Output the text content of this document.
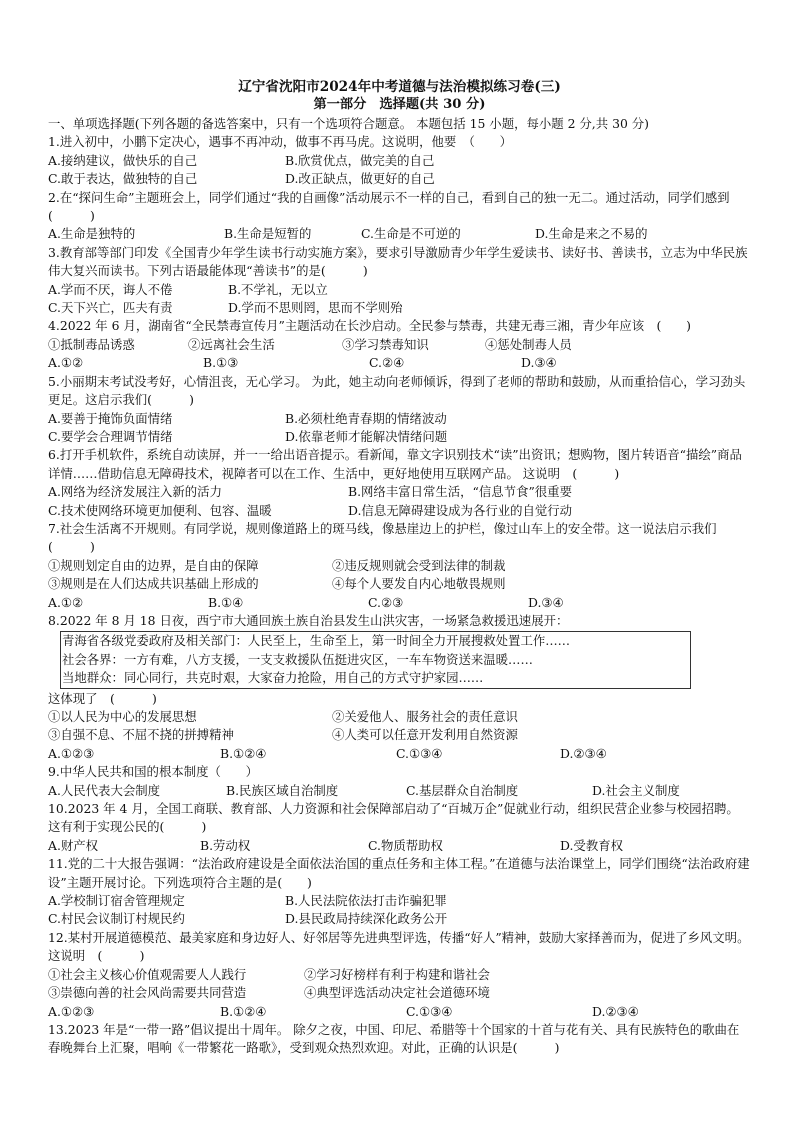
辽宁省沈阳市2024年中考道德与法治模拟练习卷(三)
第一部分　选择题(共 30 分)
一、单项选择题(下列各题的备选答案中，只有一个选项符合题意。 本题包括 15 小题，每小题 2 分,共 30 分)
1.进入初中，小鹏下定决心，遇事不再冲动，做事不再马虎。这说明，他要　（　　）
A.接纳建议，做快乐的自己	B.欣赏优点，做完美的自己
C.敢于表达，做独特的自己	D.改正缺点，做更好的自己
2.在“探问生命”主题班会上，同学们通过“我的自画像”活动展示不一样的自己，看到自己的独一无二。通过活动，同学们感到　(　　　)
A.生命是独特的	B.生命是短暂的	C.生命是不可逆的	D.生命是来之不易的
3.教育部等部门印发《全国青少年学生读书行动实施方案》，要求引导激励青少年学生爱读书、读好书、善读书，立志为中华民族伟大复兴而读书。下列古语最能体现“善读书”的是(　　　)
A.学而不厌，诲人不倦	B.不学礼，无以立
C.天下兴亡，匹夫有责	D.学而不思则罔，思而不学则殆
4.2022 年 6 月，湖南省“全民禁毒宣传月”主题活动在长沙启动。全民参与禁毒，共建无毒三湘，青少年应该　(　　)
①抵制毒品诱惑	②远离社会生活	③学习禁毒知识	④惩处制毒人员
A.①②	B.①③	C.②④	D.③④
5.小丽期末考试没考好，心情沮丧，无心学习。 为此，她主动向老师倾诉，得到了老师的帮助和鼓励，从而重拾信心，学习劲头更足。这启示我们(　　　)
A.要善于掩饰负面情绪	B.必须杜绝青春期的情绪波动
C.要学会合理调节情绪	D.依靠老师才能解决情绪问题
6.打开手机软件，系统自动读屏，并一一给出语音提示。看新闻，靠文字识别技术“读”出资讯；想购物，图片转语音“描绘”商品详情……借助信息无障碍技术，视障者可以在工作、生活中，更好地使用互联网产品。 这说明　(　　　)
A.网络为经济发展注入新的活力	B.网络丰富日常生活，“信息节食”很重要
C.技术使网络环境更加便利、包容、温暖	D.信息无障碍建设成为各行业的自觉行动
7.社会生活离不开规则。有同学说，规则像道路上的斑马线，像悬崖边上的护栏，像过山车上的安全带。这一说法启示我们(　　　)
①规则划定自由的边界，是自由的保障	②违反规则就会受到法律的制裁
③规则是在人们达成共识基础上形成的	④每个人要发自内心地敬畏规则
A.①②	B.①④	C.②③	D.③④
8.2022 年 8 月 18 日夜，西宁市大通回族土族自治县发生山洪灾害，一场紧急救援迅速展开：
青海省各级党委政府及相关部门：人民至上，生命至上，第一时间全力开展搜救处置工作……
社会各界：一方有难，八方支援，一支支救援队伍挺进灾区，一车车物资送来温暖……
当地群众：同心同行，共克时艰，大家奋力抢险，用自己的方式守护家园……
这体现了　(　　　)
①以人民为中心的发展思想	②关爱他人、服务社会的责任意识
③自强不息、不屈不挠的拼搏精神	④人类可以任意开发利用自然资源
A.①②③	B.①②④	C.①③④	D.②③④
9.中华人民共和国的根本制度（　　）
A.人民代表大会制度	B.民族区域自治制度	C.基层群众自治制度	D.社会主义制度
10.2023 年 4 月，全国工商联、教育部、人力资源和社会保障部启动了“百城万企”促就业行动，组织民营企业参与校园招聘。这有利于实现公民的(　　　)
A.财产权	B.劳动权	C.物质帮助权	D.受教育权
11.党的二十大报告强调：“法治政府建设是全面依法治国的重点任务和主体工程。”在道德与法治课堂上，同学们围绕“法治政府建设”主题开展讨论。下列选项符合主题的是(　　)
A.学校制订宿舍管理规定	B.人民法院依法打击诈骗犯罪
C.村民会议制订村规民约	D.县民政局持续深化政务公开
12.某村开展道德模范、最美家庭和身边好人、好邻居等先进典型评选，传播“好人”精神，鼓励大家择善而为，促进了乡风文明。这说明　(　　　)
①社会主义核心价值观需要人人践行	②学习好榜样有利于构建和谐社会
③崇德向善的社会风尚需要共同营造	④典型评选活动决定社会道德环境
A.①②③	B.①②④	C.①③④	D.②③④
13.2023 年是“一带一路”倡议提出十周年。 除夕之夜，中国、印尼、希腊等十个国家的十首与花有关、具有民族特色的歌曲在春晚舞台上汇聚，唱响《一带繁花一路歌》，受到观众热烈欢迎。对此，正确的认识是(　　　)
